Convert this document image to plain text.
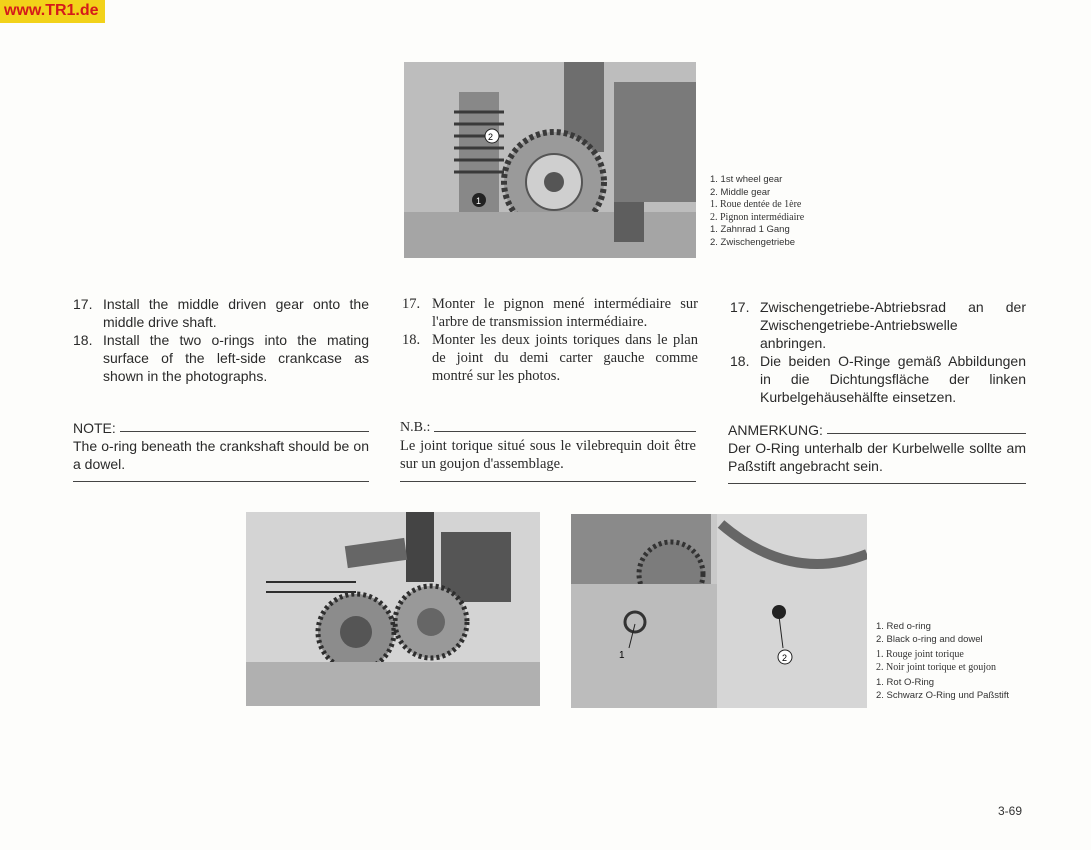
www.TR1.de
2
1
1. 1st wheel gear
2. Middle gear
1. Roue dentée de 1ère
2. Pignon intermédiaire
1. Zahnrad 1 Gang
2. Zwischengetriebe
17. Install the middle driven gear onto the middle drive shaft.
18. Install the two o-rings into the mating surface of the left-side crankcase as shown in the photographs.
NOTE:
The o-ring beneath the crankshaft should be on a dowel.
17. Monter le pignon mené intermédiaire sur l'arbre de transmission intermédiaire.
18. Monter les deux joints toriques dans le plan de joint du demi carter gauche comme montré sur les photos.
N.B.:
Le joint torique situé sous le vilebrequin doit être sur un goujon d'assemblage.
17. Zwischengetriebe-Abtriebsrad an der Zwischengetriebe-Antriebswelle anbringen.
18. Die beiden O-Ringe gemäß Abbildungen in die Dichtungsfläche der linken Kurbelgehäusehälfte einsetzen.
ANMERKUNG:
Der O-Ring unterhalb der Kurbelwelle sollte am Paßstift angebracht sein.
1	2
1. Red o-ring
2. Black o-ring and dowel
1. Rouge joint torique
2. Noir joint torique et goujon
1. Rot O-Ring
2. Schwarz O-Ring und Paßstift
3-69
